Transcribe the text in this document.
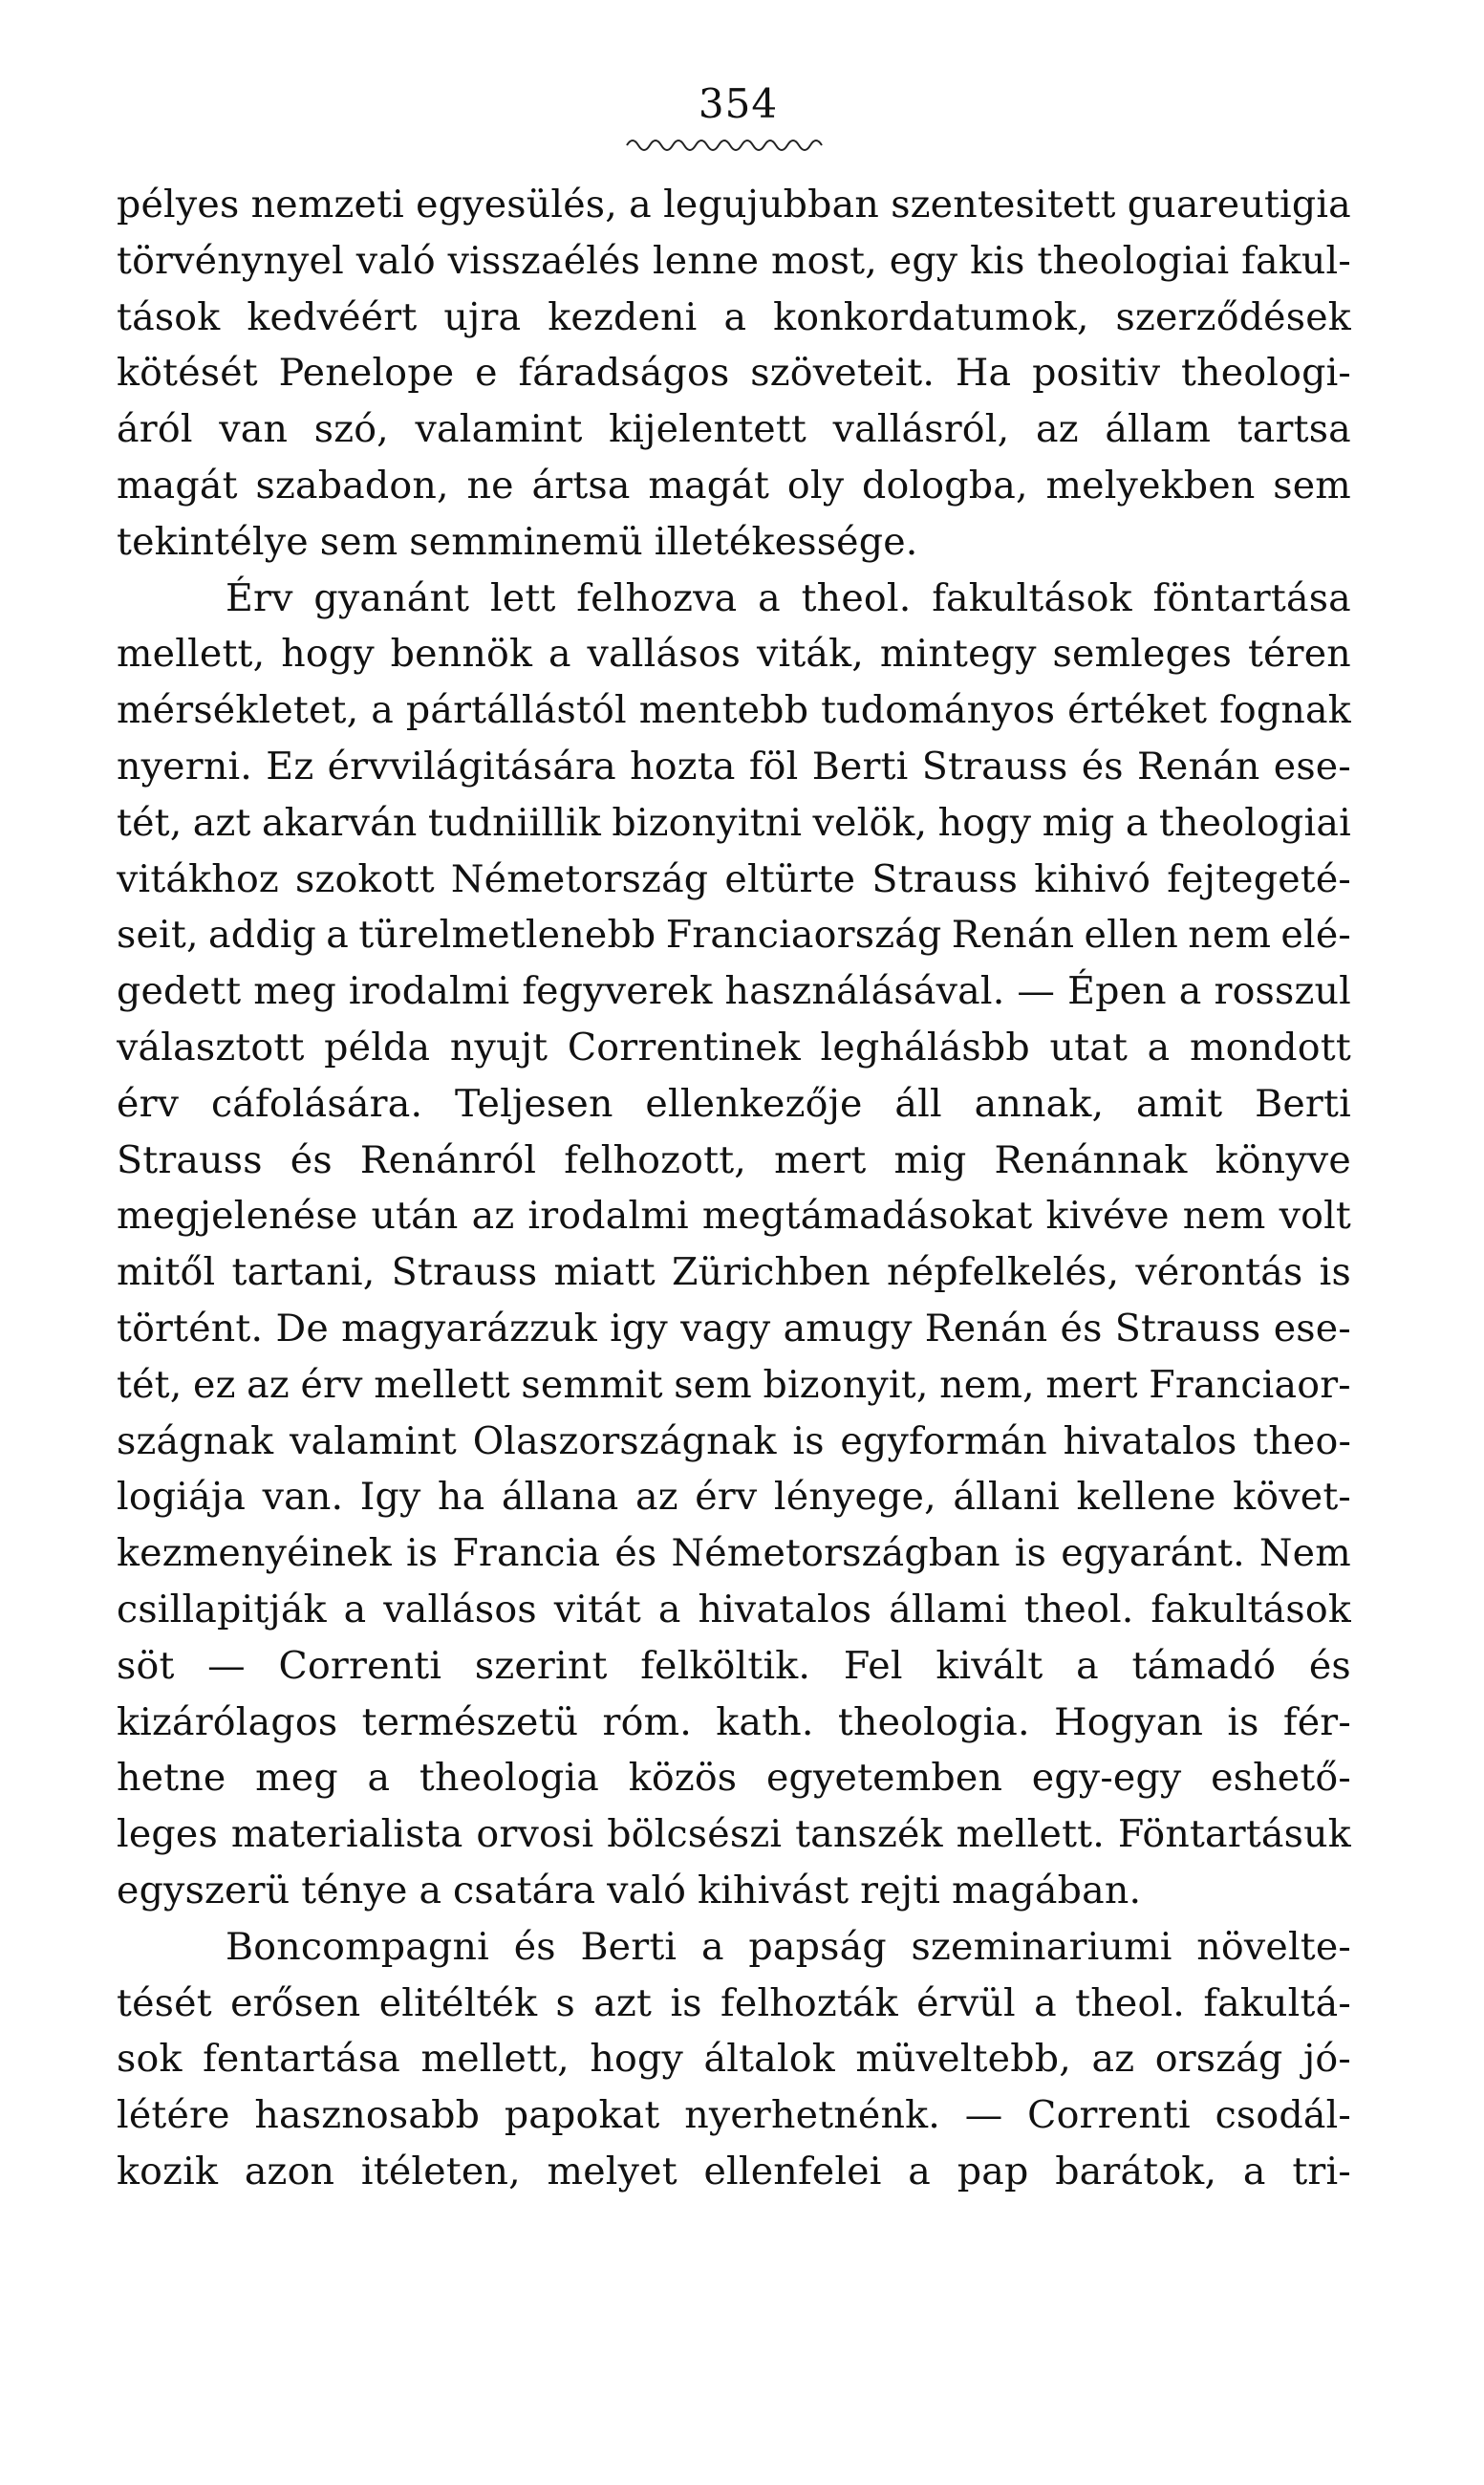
354
pélyes nemzeti egyesülés, a legujubban szentesitett guareutigia
törvénynyel való visszaélés lenne most, egy kis theologiai fakul-
tások kedvéért ujra kezdeni a konkordatumok, szerződések
kötését Penelope e fáradságos szöveteit. Ha positiv theologi-
áról van szó, valamint kijelentett vallásról, az állam tartsa
magát szabadon, ne ártsa magát oly dologba, melyekben sem
tekintélye sem semminemü illetékessége.
Érv gyanánt lett felhozva a theol. fakultások föntartása
mellett, hogy bennök a vallásos viták, mintegy semleges téren
mérsékletet, a pártállástól mentebb tudományos értéket fognak
nyerni. Ez érvvilágitására hozta föl Berti Strauss és Renán ese-
tét, azt akarván tudniillik bizonyitni velök, hogy mig a theologiai
vitákhoz szokott Németország eltürte Strauss kihivó fejtegeté-
seit, addig a türelmetlenebb Franciaország Renán ellen nem elé-
gedett meg irodalmi fegyverek használásával. — Épen a rosszul
választott példa nyujt Correntinek leghálásbb utat a mondott
érv cáfolására. Teljesen ellenkezője áll annak, amit Berti
Strauss és Renánról felhozott, mert mig Renánnak könyve
megjelenése után az irodalmi megtámadásokat kivéve nem volt
mitől tartani, Strauss miatt Zürichben népfelkelés, vérontás is
történt. De magyarázzuk igy vagy amugy Renán és Strauss ese-
tét, ez az érv mellett semmit sem bizonyit, nem, mert Franciaor-
szágnak valamint Olaszországnak is egyformán hivatalos theo-
logiája van. Igy ha állana az érv lényege, állani kellene követ-
kezmenyéinek is Francia és Németországban is egyaránt. Nem
csillapitják a vallásos vitát a hivatalos állami theol. fakultások
söt — Correnti szerint felköltik. Fel kivált a támadó és
kizárólagos természetü róm. kath. theologia. Hogyan is fér-
hetne meg a theologia közös egyetemben egy-egy eshető-
leges materialista orvosi bölcsészi tanszék mellett. Föntartásuk
egyszerü ténye a csatára való kihivást rejti magában.
Boncompagni és Berti a papság szeminariumi növelte-
tését erősen elitélték s azt is felhozták érvül a theol. fakultá-
sok fentartása mellett, hogy általok müveltebb, az ország jó-
létére hasznosabb papokat nyerhetnénk. — Correnti csodál-
kozik azon itéleten, melyet ellenfelei a pap barátok, a tri-
